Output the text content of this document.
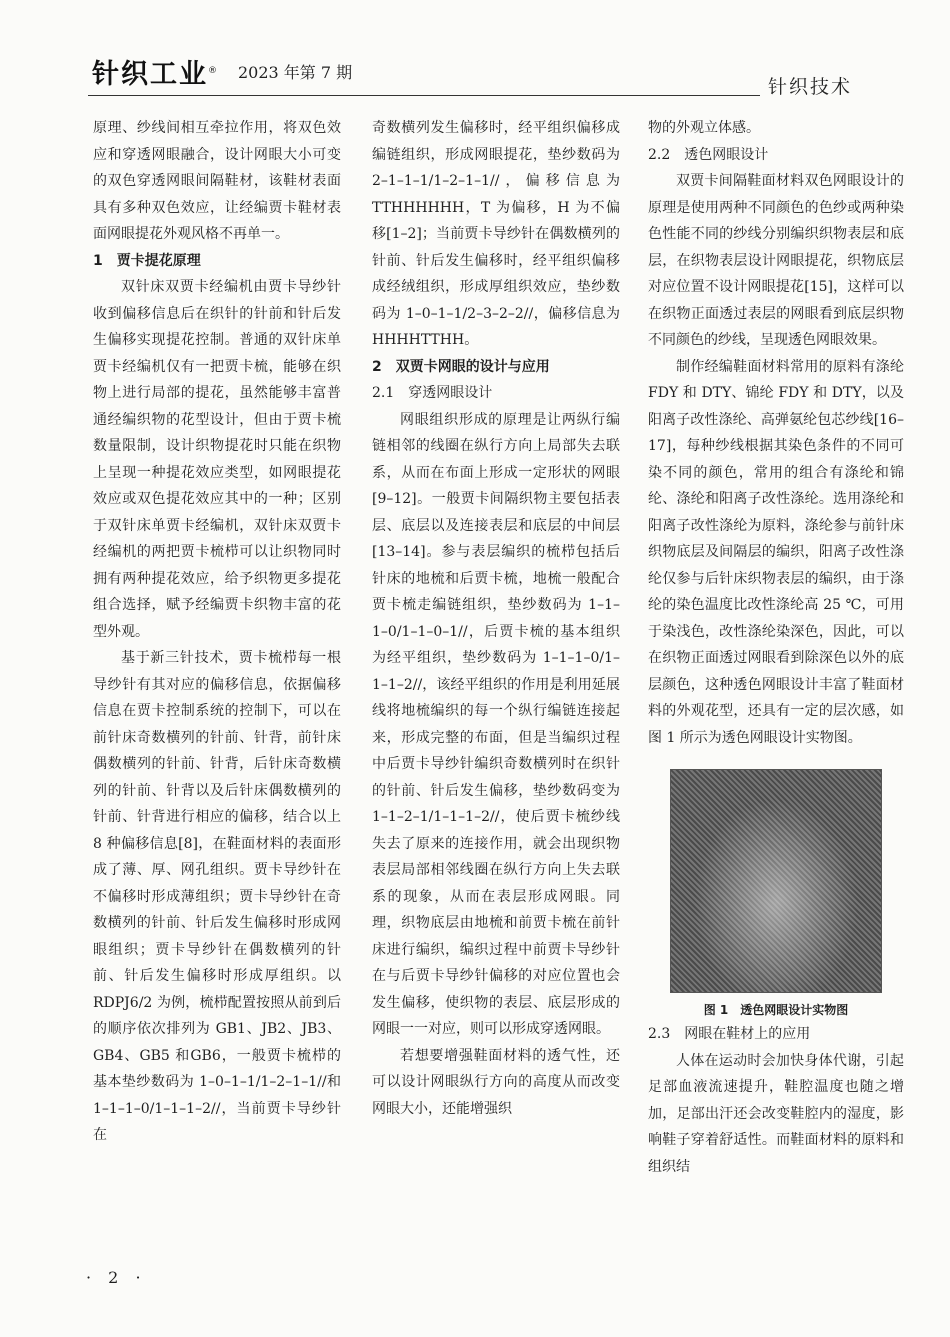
针织工业® 2023 年第 7 期
针织技术

原理、纱线间相互牵拉作用，将双色效应和穿透网眼融合，设计网眼大小可变的双色穿透网眼间隔鞋材，该鞋材表面具有多种双色效应，让经编贾卡鞋材表面网眼提花外观风格不再单一。

1　贾卡提花原理

双针床双贾卡经编机由贾卡导纱针收到偏移信息后在织针的针前和针后发生偏移实现提花控制。普通的双针床单贾卡经编机仅有一把贾卡梳，能够在织物上进行局部的提花，虽然能够丰富普通经编织物的花型设计，但由于贾卡梳数量限制，设计织物提花时只能在织物上呈现一种提花效应类型，如网眼提花效应或双色提花效应其中的一种；区别于双针床单贾卡经编机，双针床双贾卡经编机的两把贾卡梳栉可以让织物同时拥有两种提花效应，给予织物更多提花组合选择，赋予经编贾卡织物丰富的花型外观。

基于新三针技术，贾卡梳栉每一根导纱针有其对应的偏移信息，依据偏移信息在贾卡控制系统的控制下，可以在前针床奇数横列的针前、针背，前针床偶数横列的针前、针背，后针床奇数横列的针前、针背以及后针床偶数横列的针前、针背进行相应的偏移，结合以上 8 种偏移信息[8]，在鞋面材料的表面形成了薄、厚、网孔组织。贾卡导纱针在不偏移时形成薄组织；贾卡导纱针在奇数横列的针前、针后发生偏移时形成网眼组织；贾卡导纱针在偶数横列的针前、针后发生偏移时形成厚组织。以 RDPJ6/2 为例，梳栉配置按照从前到后的顺序依次排列为 GB1、JB2、JB3、GB4、GB5 和GB6，一般贾卡梳栉的基本垫纱数码为 1–0–1–1/1–2–1–1//和 1–1–1–0/1–1–1–2//，当前贾卡导纱针在

奇数横列发生偏移时，经平组织偏移成编链组织，形成网眼提花，垫纱数码为 2–1–1–1/1–2–1–1//，偏移信息为 TTHHHHHH，T 为偏移，H 为不偏移[1–2]；当前贾卡导纱针在偶数横列的针前、针后发生偏移时，经平组织偏移成经绒组织，形成厚组织效应，垫纱数码为 1–0–1–1/2–3–2–2//，偏移信息为 HHHHTTHH。

2　双贾卡网眼的设计与应用
2.1　穿透网眼设计

网眼组织形成的原理是让两纵行编链相邻的线圈在纵行方向上局部失去联系，从而在布面上形成一定形状的网眼[9–12]。一般贾卡间隔织物主要包括表层、底层以及连接表层和底层的中间层[13–14]。参与表层编织的梳栉包括后针床的地梳和后贾卡梳，地梳一般配合贾卡梳走编链组织，垫纱数码为 1–1–1–0/1–1–0–1//，后贾卡梳的基本组织为经平组织，垫纱数码为 1–1–1–0/1–1–1–2//，该经平组织的作用是利用延展线将地梳编织的每一个纵行编链连接起来，形成完整的布面，但是当编织过程中后贾卡导纱针编织奇数横列时在织针的针前、针后发生偏移，垫纱数码变为 1–1–2–1/1–1–1–2//，使后贾卡梳纱线失去了原来的连接作用，就会出现织物表层局部相邻线圈在纵行方向上失去联系的现象，从而在表层形成网眼。同理，织物底层由地梳和前贾卡梳在前针床进行编织，编织过程中前贾卡导纱针在与后贾卡导纱针偏移的对应位置也会发生偏移，使织物的表层、底层形成的网眼一一对应，则可以形成穿透网眼。

若想要增强鞋面材料的透气性，还可以设计网眼纵行方向的高度从而改变网眼大小，还能增强织

物的外观立体感。

2.2　透色网眼设计

双贾卡间隔鞋面材料双色网眼设计的原理是使用两种不同颜色的色纱或两种染色性能不同的纱线分别编织织物表层和底层，在织物表层设计网眼提花，织物底层对应位置不设计网眼提花[15]，这样可以在织物正面透过表层的网眼看到底层织物不同颜色的纱线，呈现透色网眼效果。

制作经编鞋面材料常用的原料有涤纶 FDY 和 DTY、锦纶 FDY 和 DTY，以及阳离子改性涤纶、高弹氨纶包芯纱线[16–17]，每种纱线根据其染色条件的不同可染不同的颜色，常用的组合有涤纶和锦纶、涤纶和阳离子改性涤纶。选用涤纶和阳离子改性涤纶为原料，涤纶参与前针床织物底层及间隔层的编织，阳离子改性涤纶仅参与后针床织物表层的编织，由于涤纶的染色温度比改性涤纶高 25 ℃，可用于染浅色，改性涤纶染深色，因此，可以在织物正面透过网眼看到除深色以外的底层颜色，这种透色网眼设计丰富了鞋面材料的外观花型，还具有一定的层次感，如图 1 所示为透色网眼设计实物图。

图 1　透色网眼设计实物图
2.3　网眼在鞋材上的应用

人体在运动时会加快身体代谢，引起足部血液流速提升，鞋腔温度也随之增加，足部出汗还会改变鞋腔内的湿度，影响鞋子穿着舒适性。而鞋面材料的原料和组织结

· 2 ·
